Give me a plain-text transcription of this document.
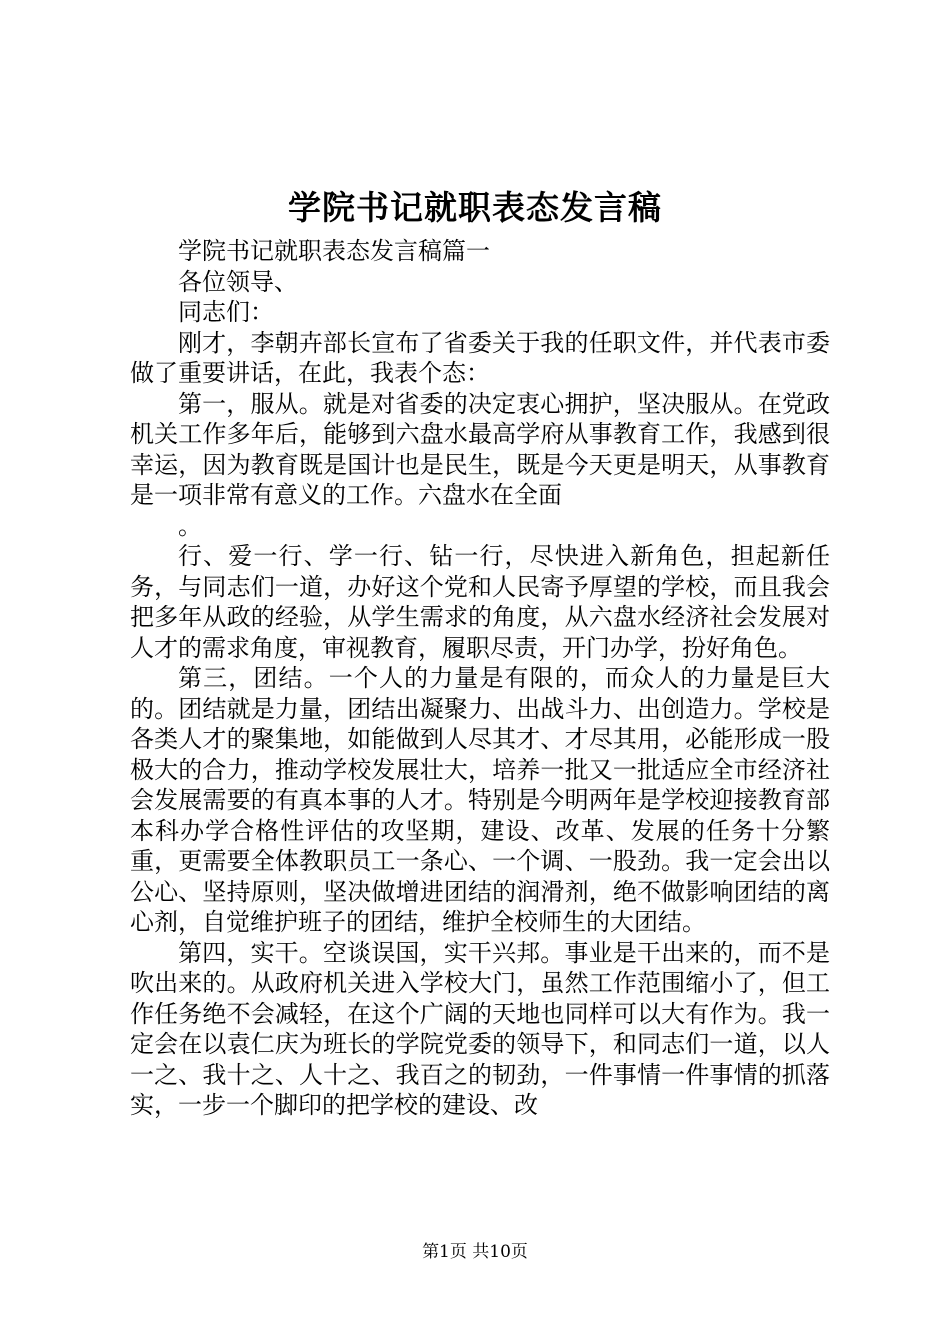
学院书记就职表态发言稿

学院书记就职表态发言稿篇一

各位领导、

同志们：

刚才，李朝卉部长宣布了省委关于我的任职文件，并代表市委做了重要讲话，在此，我表个态：

第一，服从。就是对省委的决定衷心拥护，坚决服从。在党政机关工作多年后，能够到六盘水最高学府从事教育工作，我感到很幸运，因为教育既是国计也是民生，既是今天更是明天，从事教育是一项非常有意义的工作。六盘水在全面

。

行、爱一行、学一行、钻一行，尽快进入新角色，担起新任务，与同志们一道，办好这个党和人民寄予厚望的学校，而且我会把多年从政的经验，从学生需求的角度，从六盘水经济社会发展对人才的需求角度，审视教育，履职尽责，开门办学，扮好角色。

第三，团结。一个人的力量是有限的，而众人的力量是巨大的。团结就是力量，团结出凝聚力、出战斗力、出创造力。学校是各类人才的聚集地，如能做到人尽其才、才尽其用，必能形成一股极大的合力，推动学校发展壮大，培养一批又一批适应全市经济社会发展需要的有真本事的人才。特别是今明两年是学校迎接教育部本科办学合格性评估的攻坚期，建设、改革、发展的任务十分繁重，更需要全体教职员工一条心、一个调、一股劲。我一定会出以公心、坚持原则，坚决做增进团结的润滑剂，绝不做影响团结的离心剂，自觉维护班子的团结，维护全校师生的大团结。

第四，实干。空谈误国，实干兴邦。事业是干出来的，而不是吹出来的。从政府机关进入学校大门，虽然工作范围缩小了，但工作任务绝不会减轻，在这个广阔的天地也同样可以大有作为。我一定会在以袁仁庆为班长的学院党委的领导下，和同志们一道，以人一之、我十之、人十之、我百之的韧劲，一件事情一件事情的抓落实，一步一个脚印的把学校的建设、改

第1页 共10页
